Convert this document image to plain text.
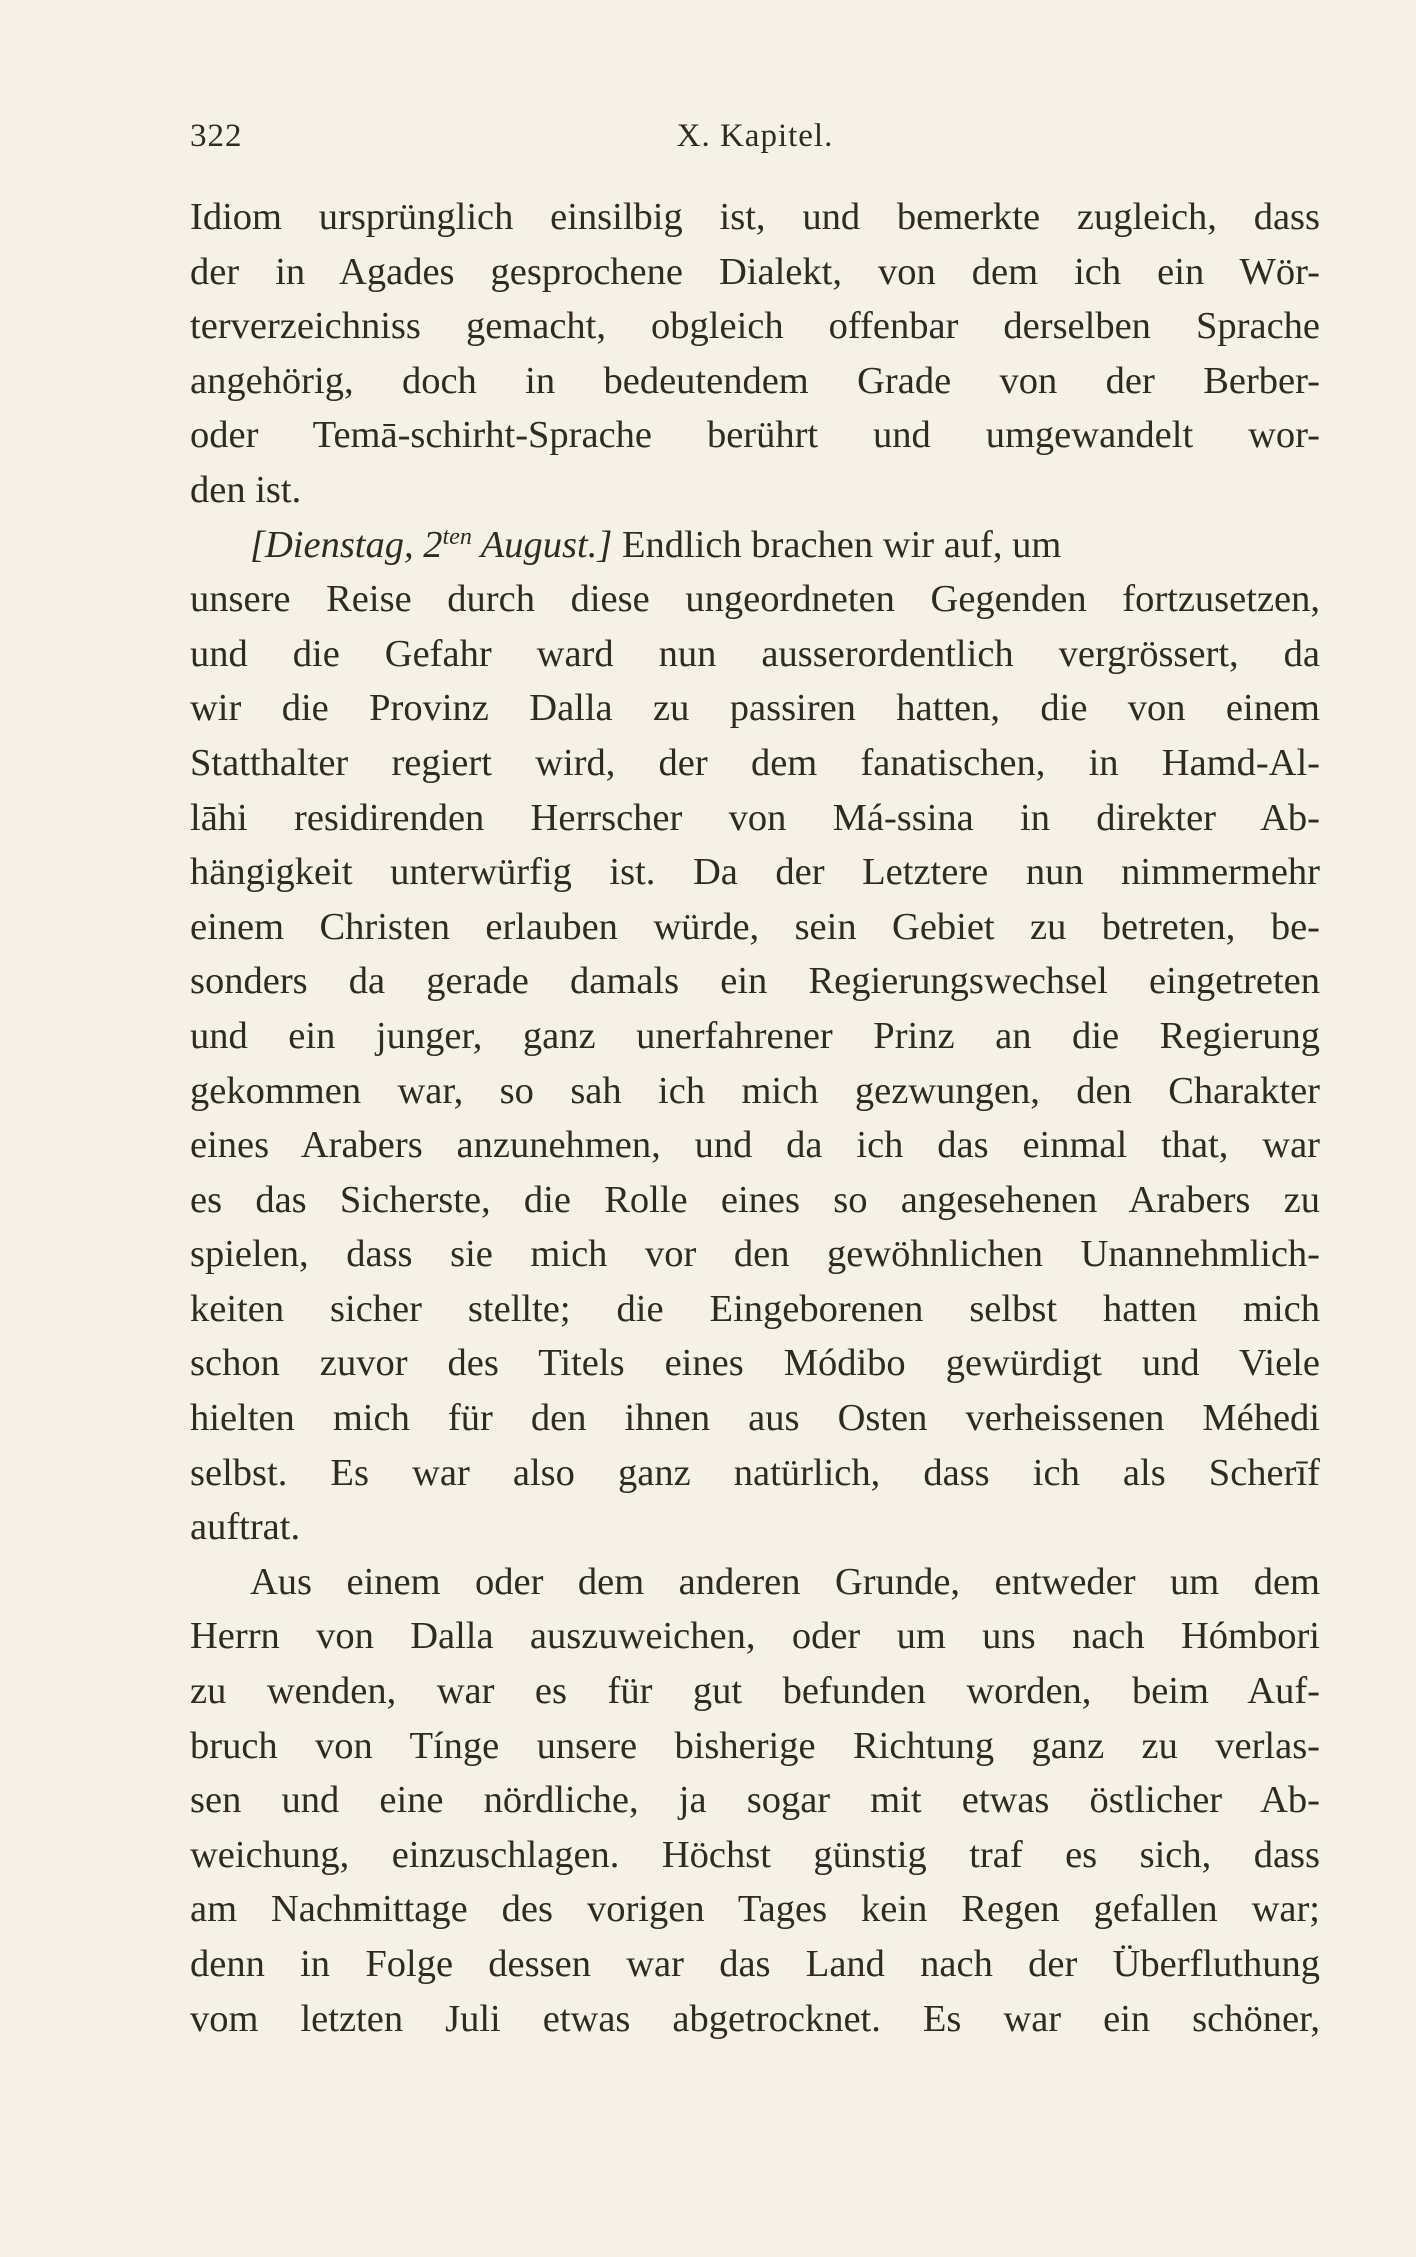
322	X. Kapitel.
Idiom ursprünglich einsilbig ist, und bemerkte zugleich, dass
der in Agades gesprochene Dialekt, von dem ich ein Wör-
terverzeichniss gemacht, obgleich offenbar derselben Sprache
angehörig, doch in bedeutendem Grade von der Berber-
oder Temā-schirht-Sprache berührt und umgewandelt wor-
den ist.
[Dienstag, $2^{ten}$ August.] Endlich brachen wir auf, um
unsere Reise durch diese ungeordneten Gegenden fortzusetzen,
und die Gefahr ward nun ausserordentlich vergrössert, da
wir die Provinz Dalla zu passiren hatten, die von einem
Statthalter regiert wird, der dem fanatischen, in Hamd-Al-
lāhi residirenden Herrscher von Má-ssina in direkter Ab-
hängigkeit unterwürfig ist. Da der Letztere nun nimmermehr
einem Christen erlauben würde, sein Gebiet zu betreten, be-
sonders da gerade damals ein Regierungswechsel eingetreten
und ein junger, ganz unerfahrener Prinz an die Regierung
gekommen war, so sah ich mich gezwungen, den Charakter
eines Arabers anzunehmen, und da ich das einmal that, war
es das Sicherste, die Rolle eines so angesehenen Arabers zu
spielen, dass sie mich vor den gewöhnlichen Unannehmlich-
keiten sicher stellte; die Eingeborenen selbst hatten mich
schon zuvor des Titels eines Módibo gewürdigt und Viele
hielten mich für den ihnen aus Osten verheissenen Méhedi
selbst. Es war also ganz natürlich, dass ich als Scherīf
auftrat.
Aus einem oder dem anderen Grunde, entweder um dem
Herrn von Dalla auszuweichen, oder um uns nach Hómbori
zu wenden, war es für gut befunden worden, beim Auf-
bruch von Tínge unsere bisherige Richtung ganz zu verlas-
sen und eine nördliche, ja sogar mit etwas östlicher Ab-
weichung, einzuschlagen. Höchst günstig traf es sich, dass
am Nachmittage des vorigen Tages kein Regen gefallen war;
denn in Folge dessen war das Land nach der Überfluthung
vom letzten Juli etwas abgetrocknet. Es war ein schöner,
